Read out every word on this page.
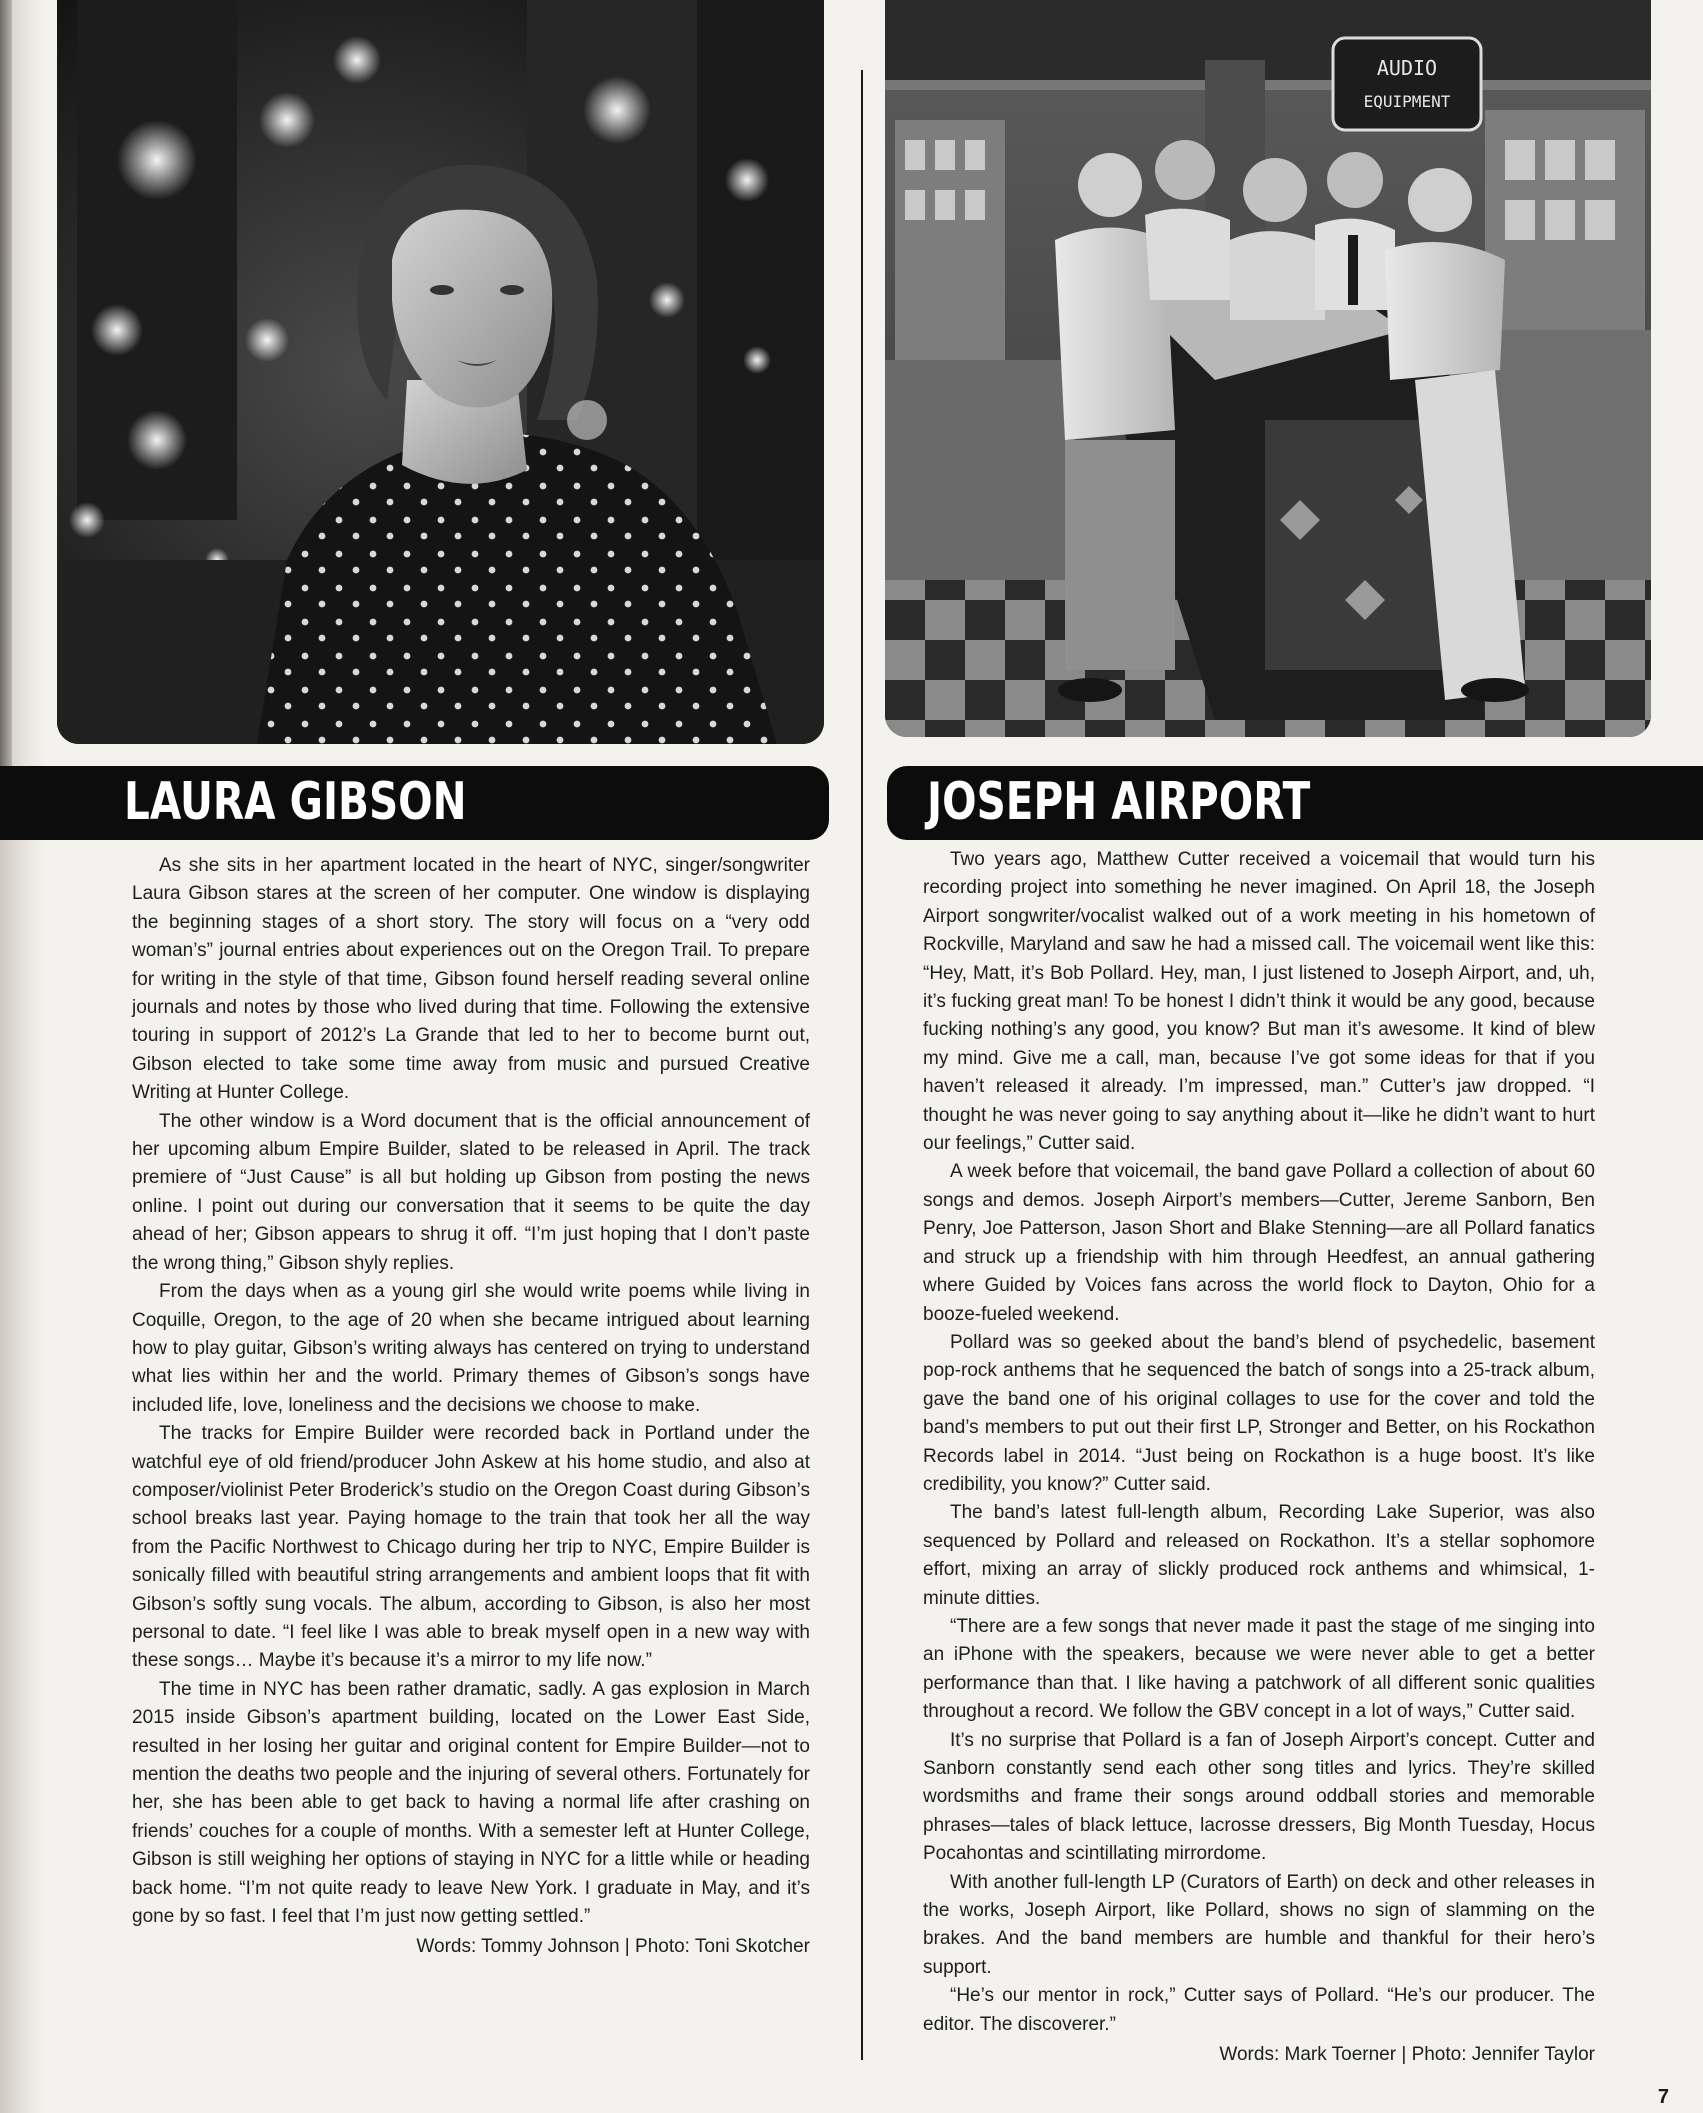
AUDIO
EQUIPMENT
LAURA GIBSON	JOSEPH AIRPORT

As she sits in her apartment located in the heart of NYC, singer/songwriter Laura Gibson stares at the screen of her computer. One window is displaying the beginning stages of a short story. The story will focus on a “very odd woman’s” journal entries about experiences out on the Oregon Trail. To prepare for writing in the style of that time, Gibson found herself reading several online journals and notes by those who lived during that time. Following the extensive touring in support of 2012’s La Grande that led to her to become burnt out, Gibson elected to take some time away from music and pursued Creative Writing at Hunter College.

The other window is a Word document that is the official announcement of her upcoming album Empire Builder, slated to be released in April. The track premiere of “Just Cause” is all but holding up Gibson from posting the news online. I point out during our conversation that it seems to be quite the day ahead of her; Gibson appears to shrug it off. “I’m just hoping that I don’t paste the wrong thing,” Gibson shyly replies.

From the days when as a young girl she would write poems while living in Coquille, Oregon, to the age of 20 when she became intrigued about learning how to play guitar, Gibson’s writing always has centered on trying to understand what lies within her and the world. Primary themes of Gibson’s songs have included life, love, loneliness and the decisions we choose to make.

The tracks for Empire Builder were recorded back in Portland under the watchful eye of old friend/producer John Askew at his home studio, and also at composer/violinist Peter Broderick’s studio on the Oregon Coast during Gibson’s school breaks last year. Paying homage to the train that took her all the way from the Pacific Northwest to Chicago during her trip to NYC, Empire Builder is sonically filled with beautiful string arrangements and ambient loops that fit with Gibson’s softly sung vocals. The album, according to Gibson, is also her most personal to date. “I feel like I was able to break myself open in a new way with these songs… Maybe it’s because it’s a mirror to my life now.”

The time in NYC has been rather dramatic, sadly. A gas explosion in March 2015 inside Gibson’s apartment building, located on the Lower East Side, resulted in her losing her guitar and original content for Empire Builder—not to mention the deaths two people and the injuring of several others. Fortunately for her, she has been able to get back to having a normal life after crashing on friends’ couches for a couple of months. With a semester left at Hunter College, Gibson is still weighing her options of staying in NYC for a little while or heading back home. “I’m not quite ready to leave New York. I graduate in May, and it’s gone by so fast. I feel that I’m just now getting settled.”

Words: Tommy Johnson | Photo: Toni Skotcher

Two years ago, Matthew Cutter received a voicemail that would turn his recording project into something he never imagined. On April 18, the Joseph Airport songwriter/vocalist walked out of a work meeting in his hometown of Rockville, Maryland and saw he had a missed call. The voicemail went like this: “Hey, Matt, it’s Bob Pollard. Hey, man, I just listened to Joseph Airport, and, uh, it’s fucking great man! To be honest I didn’t think it would be any good, because fucking nothing’s any good, you know? But man it’s awesome. It kind of blew my mind. Give me a call, man, because I’ve got some ideas for that if you haven’t released it already. I’m impressed, man.” Cutter’s jaw dropped. “I thought he was never going to say anything about it—like he didn’t want to hurt our feelings,” Cutter said.

A week before that voicemail, the band gave Pollard a collection of about 60 songs and demos. Joseph Airport’s members—Cutter, Jereme Sanborn, Ben Penry, Joe Patterson, Jason Short and Blake Stenning—are all Pollard fanatics and struck up a friendship with him through Heedfest, an annual gathering where Guided by Voices fans across the world flock to Dayton, Ohio for a booze-fueled weekend.

Pollard was so geeked about the band’s blend of psychedelic, basement pop-rock anthems that he sequenced the batch of songs into a 25-track album, gave the band one of his original collages to use for the cover and told the band’s members to put out their first LP, Stronger and Better, on his Rockathon Records label in 2014. “Just being on Rockathon is a huge boost. It’s like credibility, you know?” Cutter said.

The band’s latest full-length album, Recording Lake Superior, was also sequenced by Pollard and released on Rockathon. It’s a stellar sophomore effort, mixing an array of slickly produced rock anthems and whimsical, 1-minute ditties.

“There are a few songs that never made it past the stage of me singing into an iPhone with the speakers, because we were never able to get a better performance than that. I like having a patchwork of all different sonic qualities throughout a record. We follow the GBV concept in a lot of ways,” Cutter said.

It’s no surprise that Pollard is a fan of Joseph Airport’s concept. Cutter and Sanborn constantly send each other song titles and lyrics. They’re skilled wordsmiths and frame their songs around oddball stories and memorable phrases—tales of black lettuce, lacrosse dressers, Big Month Tuesday, Hocus Pocahontas and scintillating mirrordome.

With another full-length LP (Curators of Earth) on deck and other releases in the works, Joseph Airport, like Pollard, shows no sign of slamming on the brakes. And the band members are humble and thankful for their hero’s support.

“He’s our mentor in rock,” Cutter says of Pollard. “He’s our producer. The editor. The discoverer.”

Words: Mark Toerner | Photo: Jennifer Taylor

7
